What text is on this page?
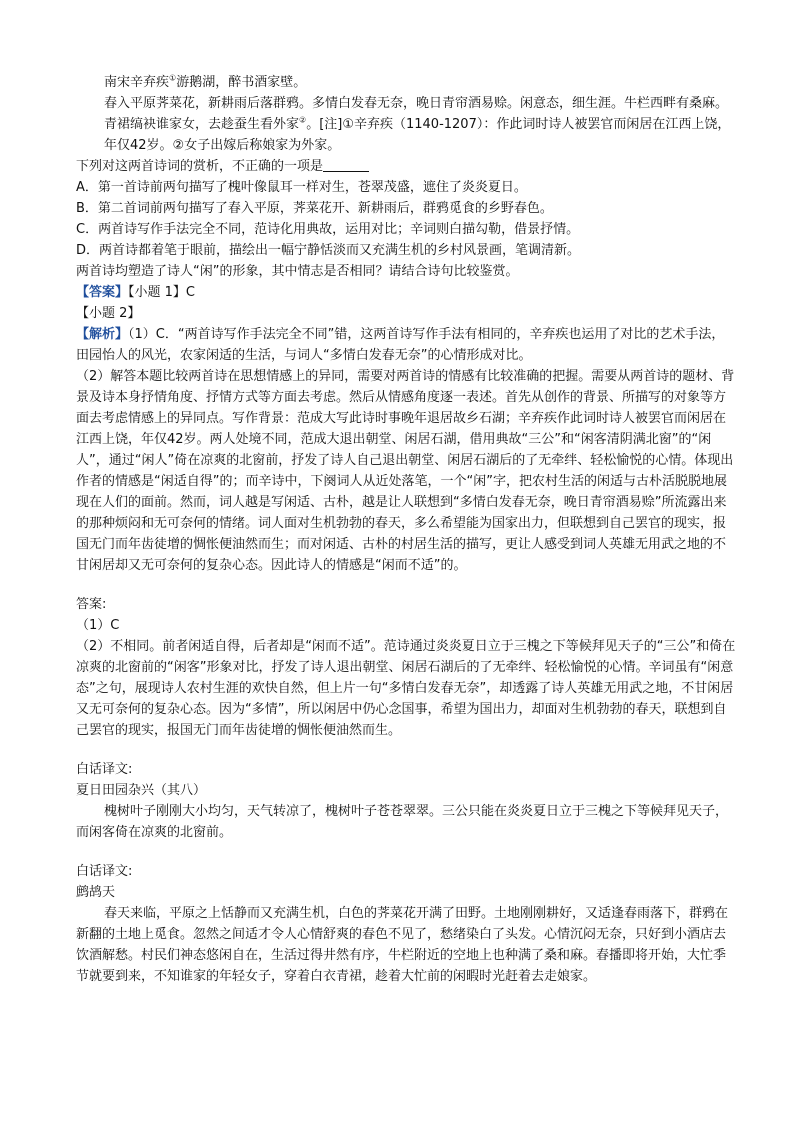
南宋辛弃疾①游鹅湖，醉书酒家壁。

春入平原荠菜花，新耕雨后落群鸦。多情白发春无奈，晚日青帘酒易赊。闲意态，细生涯。牛栏西畔有桑麻。青裙缟袂谁家女，去趁蚕生看外家②。[注]①辛弃疾（1140-1207）：作此词时诗人被罢官而闲居在江西上饶，年仅42岁。②女子出嫁后称娘家为外家。

下列对这两首诗词的赏析，不正确的一项是

A．第一首诗前两句描写了槐叶像鼠耳一样对生，苍翠茂盛，遮住了炎炎夏日。

B．第二首词前两句描写了春入平原，荠菜花开、新耕雨后，群鸦觅食的乡野春色。

C．两首诗写作手法完全不同，范诗化用典故，运用对比；辛词则白描勾勒，借景抒情。

D．两首诗都着笔于眼前，描绘出一幅宁静恬淡而又充满生机的乡村风景画，笔调清新。

两首诗均塑造了诗人“闲”的形象，其中情志是否相同？请结合诗句比较鉴赏。

【答案】【小题 1】C

【小题 2】

【解析】（1）C．“两首诗写作手法完全不同”错，这两首诗写作手法有相同的，辛弃疾也运用了对比的艺术手法，田园怡人的风光，农家闲适的生活，与词人“多情白发春无奈”的心情形成对比。

（2）解答本题比较两首诗在思想情感上的异同，需要对两首诗的情感有比较准确的把握。需要从两首诗的题材、背景及诗本身抒情角度、抒情方式等方面去考虑。然后从情感角度逐一表述。首先从创作的背景、所描写的对象等方面去考虑情感上的异同点。写作背景：范成大写此诗时事晚年退居故乡石湖；辛弃疾作此词时诗人被罢官而闲居在江西上饶，年仅42岁。两人处境不同，范成大退出朝堂、闲居石湖，借用典故“三公”和“闲客清阴满北窗”的“闲人”，通过“闲人”倚在凉爽的北窗前，抒发了诗人自己退出朝堂、闲居石湖后的了无牵绊、轻松愉悦的心情。体现出作者的情感是“闲适自得”的；而辛诗中，下阕词人从近处落笔，一个“闲”字，把农村生活的闲适与古朴活脱脱地展现在人们的面前。然而，词人越是写闲适、古朴，越是让人联想到“多情白发春无奈，晚日青帘酒易赊”所流露出来的那种烦闷和无可奈何的情绪。词人面对生机勃勃的春天，多么希望能为国家出力，但联想到自己罢官的现实，报国无门而年齿徒增的惆怅便油然而生；而对闲适、古朴的村居生活的描写，更让人感受到词人英雄无用武之地的不甘闲居却又无可奈何的复杂心态。因此诗人的情感是“闲而不适”的。

答案:

（1）C

（2）不相同。前者闲适自得，后者却是“闲而不适”。范诗通过炎炎夏日立于三槐之下等候拜见天子的“三公”和倚在凉爽的北窗前的“闲客”形象对比，抒发了诗人退出朝堂、闲居石湖后的了无牵绊、轻松愉悦的心情。辛词虽有“闲意态”之句，展现诗人农村生涯的欢快自然，但上片一句“多情白发春无奈”，却透露了诗人英雄无用武之地，不甘闲居又无可奈何的复杂心态。因为“多情”，所以闲居中仍心念国事，希望为国出力，却面对生机勃勃的春天，联想到自己罢官的现实，报国无门而年齿徒增的惆怅便油然而生。

白话译文:

夏日田园杂兴（其八）

槐树叶子刚刚大小均匀，天气转凉了，槐树叶子苍苍翠翠。三公只能在炎炎夏日立于三槐之下等候拜见天子，而闲客倚在凉爽的北窗前。

白话译文:

鹧鸪天

春天来临，平原之上恬静而又充满生机，白色的荠菜花开满了田野。土地刚刚耕好，又适逢春雨落下，群鸦在新翻的土地上觅食。忽然之间适才令人心情舒爽的春色不见了，愁绪染白了头发。心情沉闷无奈，只好到小酒店去饮酒解愁。村民们神态悠闲自在，生活过得井然有序，牛栏附近的空地上也种满了桑和麻。春播即将开始，大忙季节就要到来，不知谁家的年轻女子，穿着白衣青裙，趁着大忙前的闲暇时光赶着去走娘家。
